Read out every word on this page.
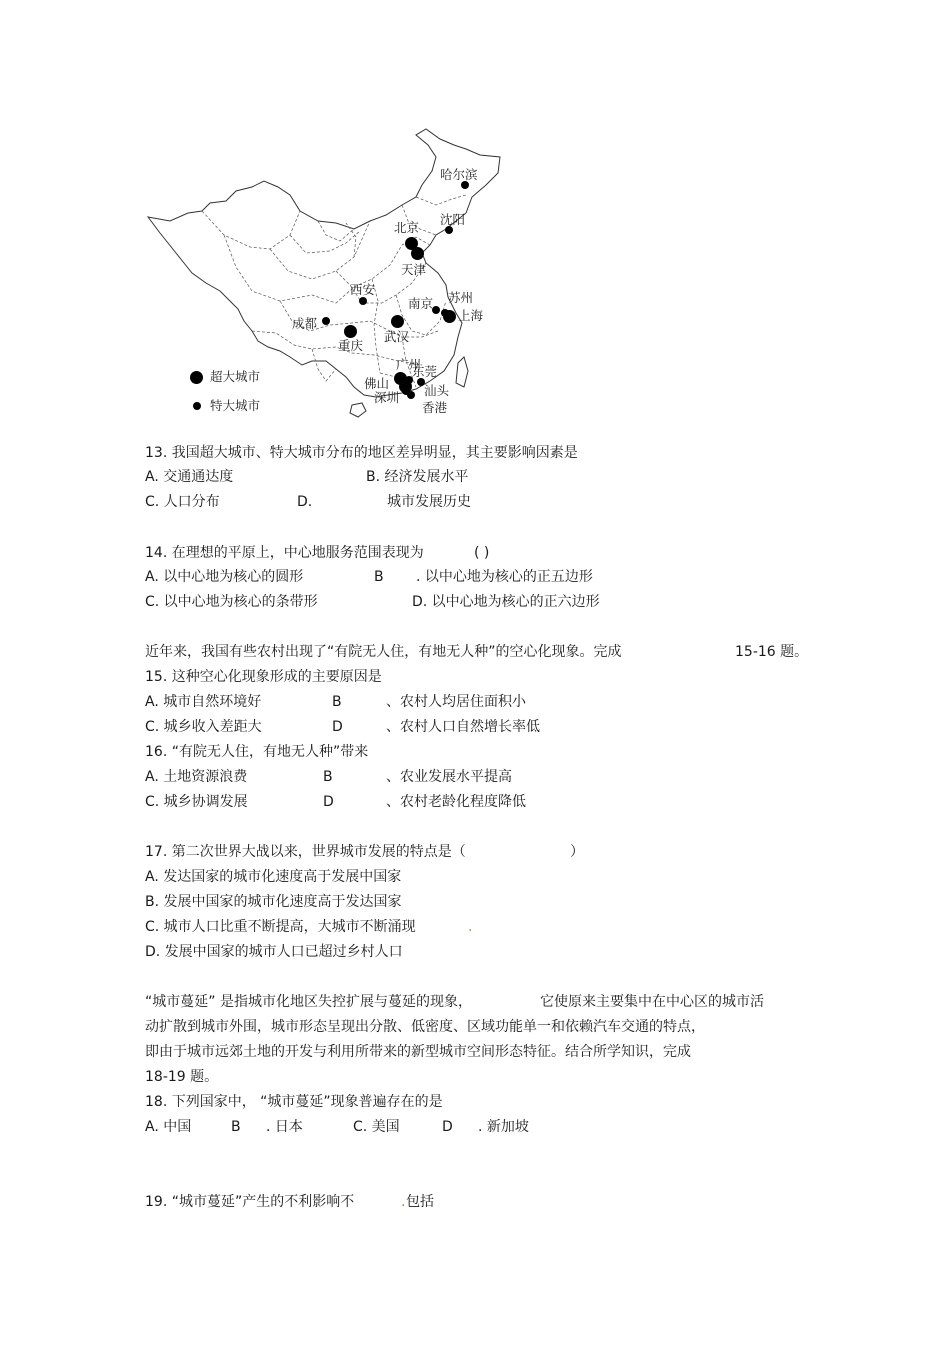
哈尔滨
沈阳
北京
天津
西安
南京 苏州
上海
成都
重庆
武汉
广州
东莞
佛山	汕头
深圳
香港
超大城市
特大城市
13. 我国超大城市、特大城市分布的地区差异明显，其主要影响因素是
A. 交通通达度	B. 经济发展水平
C. 人口分布	D.	城市发展历史
14. 在理想的平原上，中心地服务范围表现为	( )
A. 以中心地为核心的圆形	B . 以中心地为核心的正五边形
C. 以中心地为核心的条带形	D. 以中心地为核心的正六边形
近年来，我国有些农村出现了“有院无人住，有地无人种”的空心化现象。完成	15-16 题。
15. 这种空心化现象形成的主要原因是
A. 城市自然环境好	B	、农村人均居住面积小
C. 城乡收入差距大	D	、农村人口自然增长率低
16. “有院无人住，有地无人种”带来
A. 土地资源浪费	B	、农业发展水平提高
C. 城乡协调发展	D	、农村老龄化程度降低
17. 第二次世界大战以来，世界城市发展的特点是（	）
A. 发达国家的城市化速度高于发展中国家
B. 发展中国家的城市化速度高于发达国家
C. 城市人口比重不断提高，大城市不断涌现	.
D. 发展中国家的城市人口已超过乡村人口
“城市蔓延” 是指城市化地区失控扩展与蔓延的现象，	它使原来主要集中在中心区的城市活
动扩散到城市外围，城市形态呈现出分散、低密度、区域功能单一和依赖汽车交通的特点，
即由于城市远郊土地的开发与利用所带来的新型城市空间形态特征。结合所学知识，完成
18-19 题。
18. 下列国家中， “城市蔓延”现象普遍存在的是
A. 中国	B . 日本	C. 美国	D . 新加坡
19. “城市蔓延”产生的不利影响不	. 包括
